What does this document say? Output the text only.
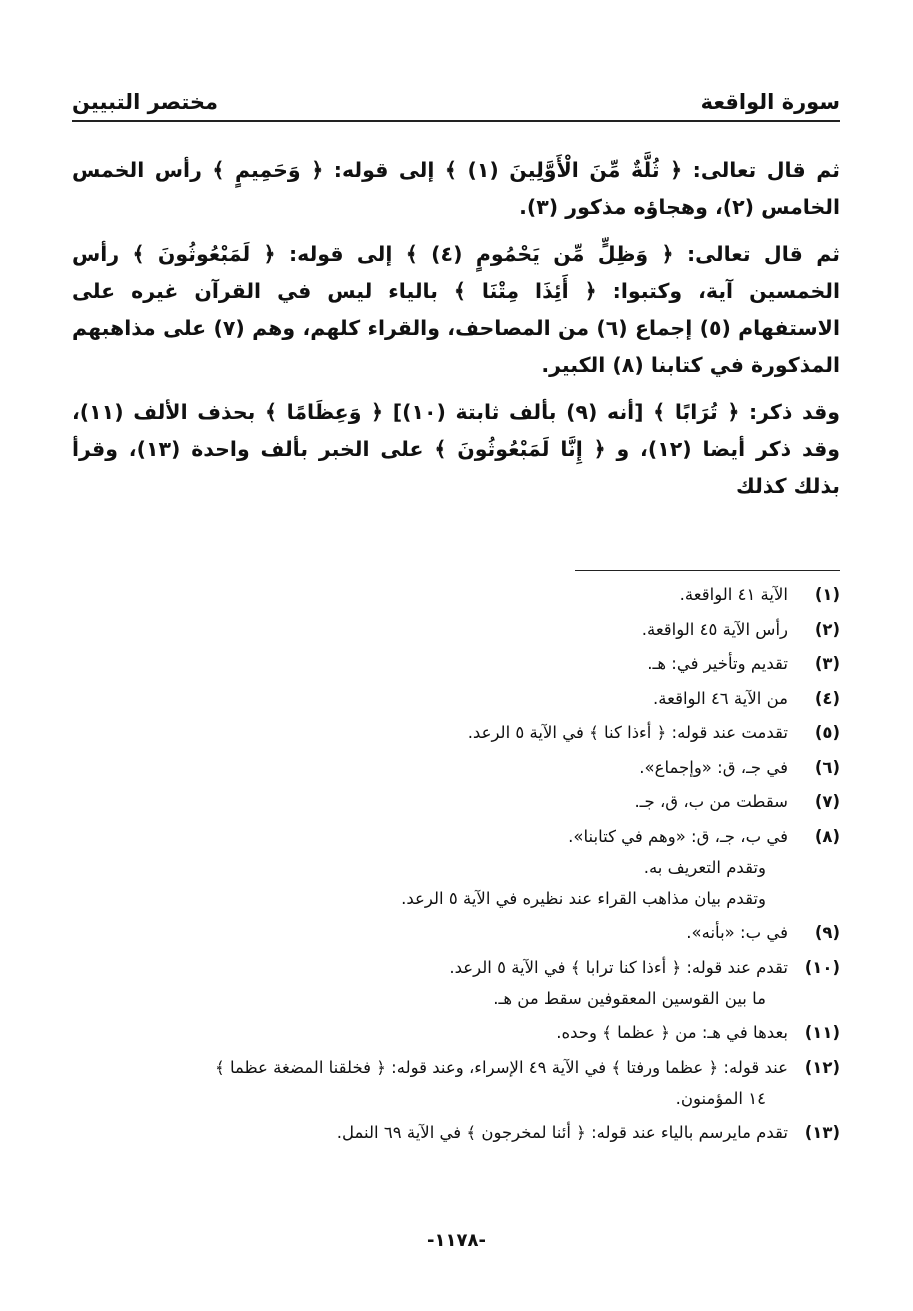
سورة الواقعة
مختصر التبيين

ثم قال تعالى: ﴿ ثُلَّةٌ مِّنَ الْأَوَّلِينَ (١) ﴾ إلى قوله: ﴿ وَحَمِيمٍ ﴾ رأس الخمس الخامس (٢)، وهجاؤه مذكور (٣).

ثم قال تعالى: ﴿ وَظِلٍّ مِّن يَحْمُومٍ (٤) ﴾ إلى قوله: ﴿ لَمَبْعُوثُونَ ﴾ رأس الخمسين آية، وكتبوا: ﴿ أَئِذَا مِتْنَا ﴾ بالياء ليس في القرآن غيره على الاستفهام (٥) إجماع (٦) من المصاحف، والقراء كلهم، وهم (٧) على مذاهبهم المذكورة في كتابنا (٨) الكبير.

وقد ذكر: ﴿ تُرَابًا ﴾ [أنه (٩) بألف ثابتة (١٠)] ﴿ وَعِظَامًا ﴾ بحذف الألف (١١)، وقد ذكر أيضا (١٢)، و ﴿ إِنَّا لَمَبْعُوثُونَ ﴾ على الخبر بألف واحدة (١٣)، وقرأ بذلك كذلك

(١)
الآية ٤١ الواقعة.
(٢)
رأس الآية ٤٥ الواقعة.
(٣)
تقديم وتأخير في: هـ.
(٤)
من الآية ٤٦ الواقعة.
(٥)
تقدمت عند قوله: ﴿ أءذا كنا ﴾ في الآية ٥ الرعد.
(٦)
في جـ، ق: «وإجماع».
(٧)
سقطت من ب، ق، جـ.
(٨)
في ب، جـ، ق: «وهم في كتابنا».
وتقدم التعريف به.
وتقدم بيان مذاهب القراء عند نظيره في الآية ٥ الرعد.
(٩)
في ب: «بأنه».
(١٠)
تقدم عند قوله: ﴿ أءذا كنا ترابا ﴾ في الآية ٥ الرعد.
ما بين القوسين المعقوفين سقط من هـ.
(١١)
بعدها في هـ: من ﴿ عظما ﴾ وحده.
(١٢)
عند قوله: ﴿ عظما ورفتا ﴾ في الآية ٤٩ الإسراء، وعند قوله: ﴿ فخلقنا المضغة عظما ﴾
١٤ المؤمنون.
(١٣)
تقدم مايرسم بالياء عند قوله: ﴿ أئنا لمخرجون ﴾ في الآية ٦٩ النمل.
-١١٧٨-
